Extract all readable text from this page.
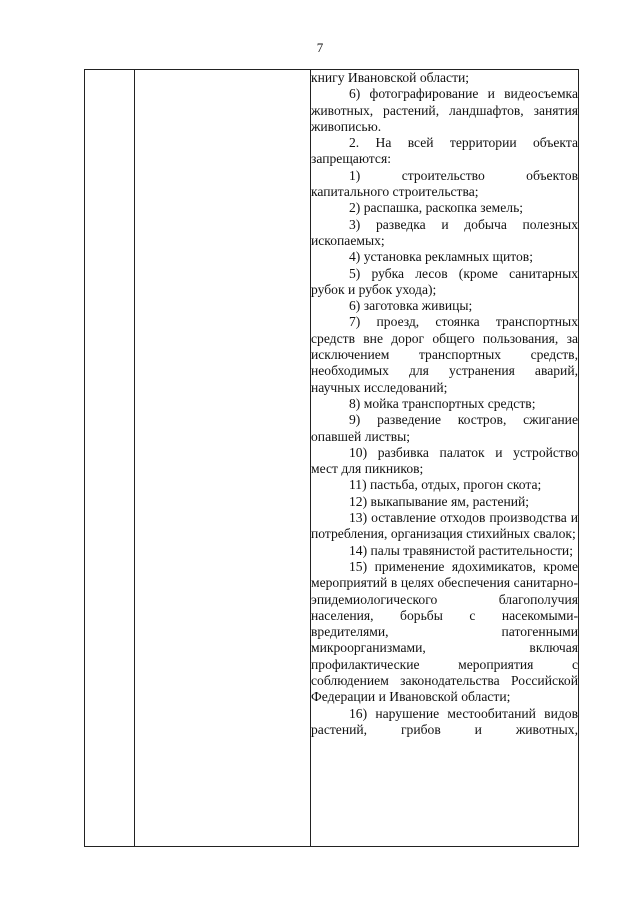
7

книгу Ивановской области;

6) фотографирование и видеосъемка животных, растений, ландшафтов, занятия живописью.

2. На всей территории объекта запрещаются:

1) строительство объектов капитального строительства;

2) распашка, раскопка земель;

3) разведка и добыча полезных ископаемых;

4) установка рекламных щитов;

5) рубка лесов (кроме санитарных рубок и рубок ухода);

6) заготовка живицы;

7) проезд, стоянка транспортных средств вне дорог общего пользования, за исключением транспортных средств, необходимых для устранения аварий, научных исследований;

8) мойка транспортных средств;

9) разведение костров, сжигание опавшей листвы;

10) разбивка палаток и устройство мест для пикников;

11) пастьба, отдых, прогон скота;

12) выкапывание ям, растений;

13) оставление отходов производства и потребления, организация стихийных свалок;

14) палы травянистой растительности;

15) применение ядохимикатов, кроме мероприятий в целях обеспечения санитарно-эпидемиологического благополучия населения, борьбы с насекомыми-вредителями, патогенными микроорганизмами, включая профилактические мероприятия с соблюдением законодательства Российской Федерации и Ивановской области;

16) нарушение местообитаний видов растений, грибов и животных,
